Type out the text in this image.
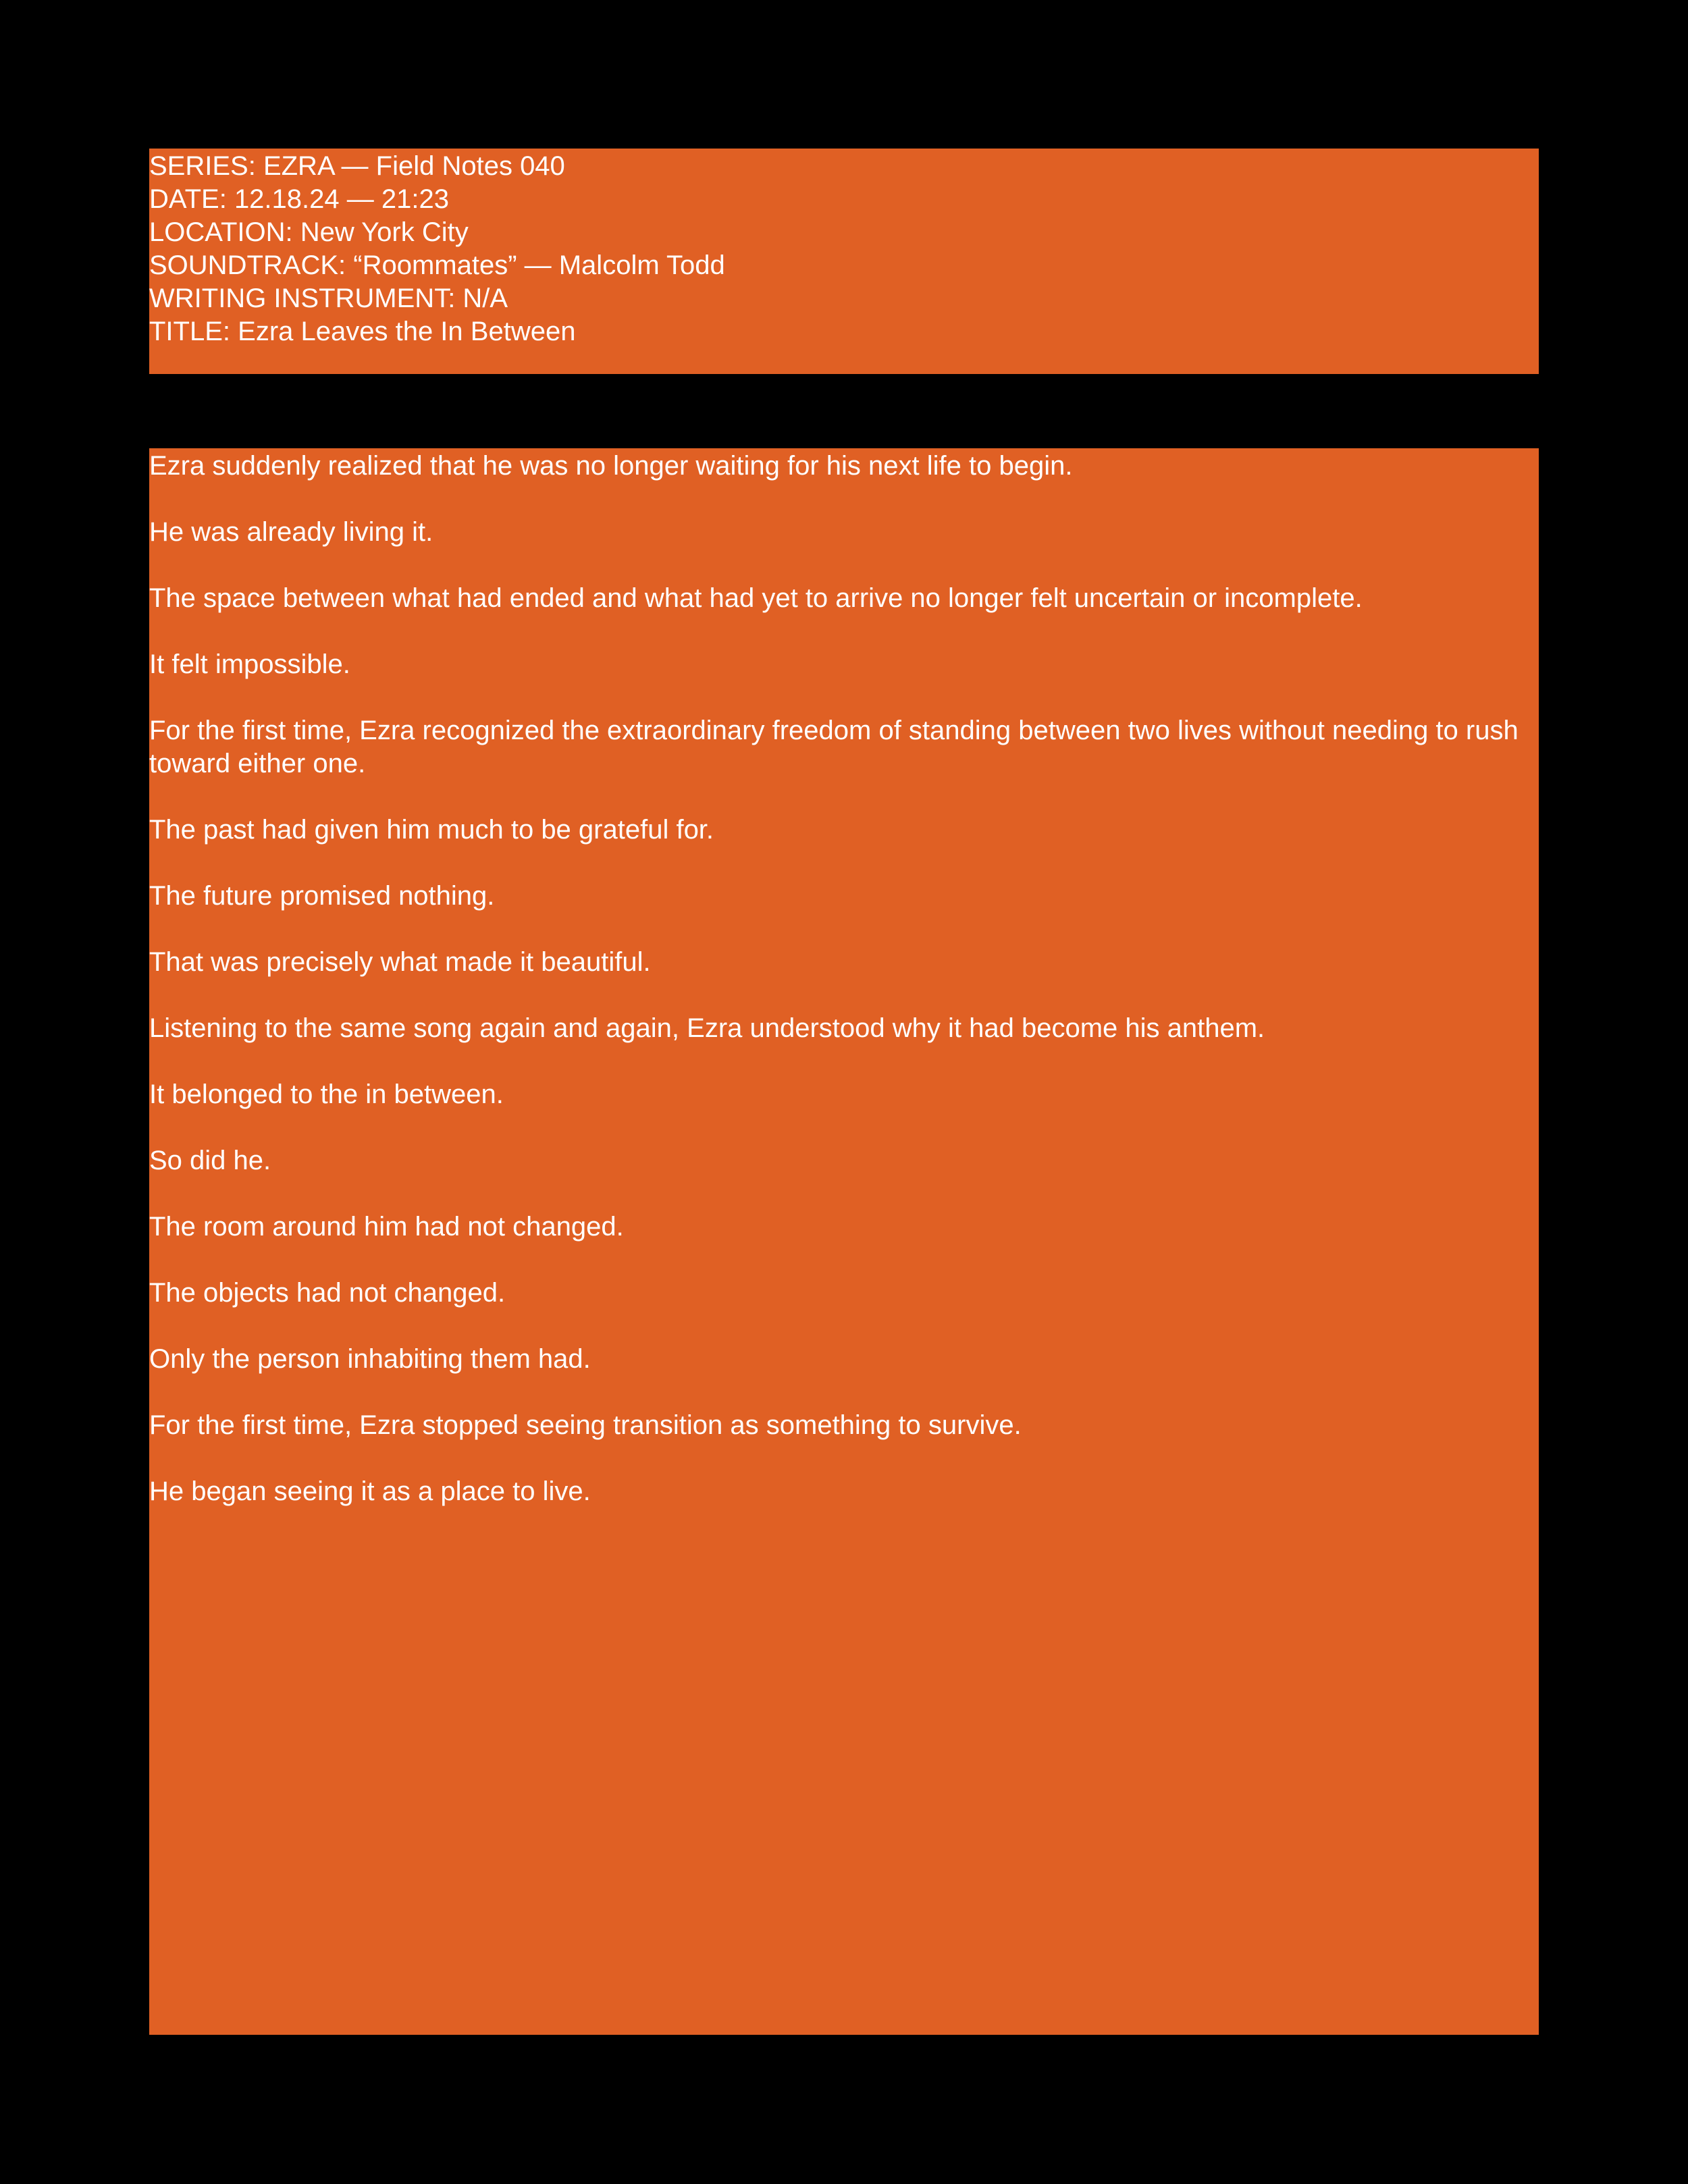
SERIES: EZRA — Field Notes 040

DATE: 12.18.24 — 21:23

LOCATION: New York City

SOUNDTRACK: “Roommates” — Malcolm Todd

WRITING INSTRUMENT: N/A

TITLE: Ezra Leaves the In Between

Ezra suddenly realized that he was no longer waiting for his next life to begin.

He was already living it.

The space between what had ended and what had yet to arrive no longer felt uncertain or incomplete.

It felt impossible.

For the first time, Ezra recognized the extraordinary freedom of standing between two lives without needing to rush toward either one.

The past had given him much to be grateful for.

The future promised nothing.

That was precisely what made it beautiful.

Listening to the same song again and again, Ezra understood why it had become his anthem.

It belonged to the in between.

So did he.

The room around him had not changed.

The objects had not changed.

Only the person inhabiting them had.

For the first time, Ezra stopped seeing transition as something to survive.

He began seeing it as a place to live.
